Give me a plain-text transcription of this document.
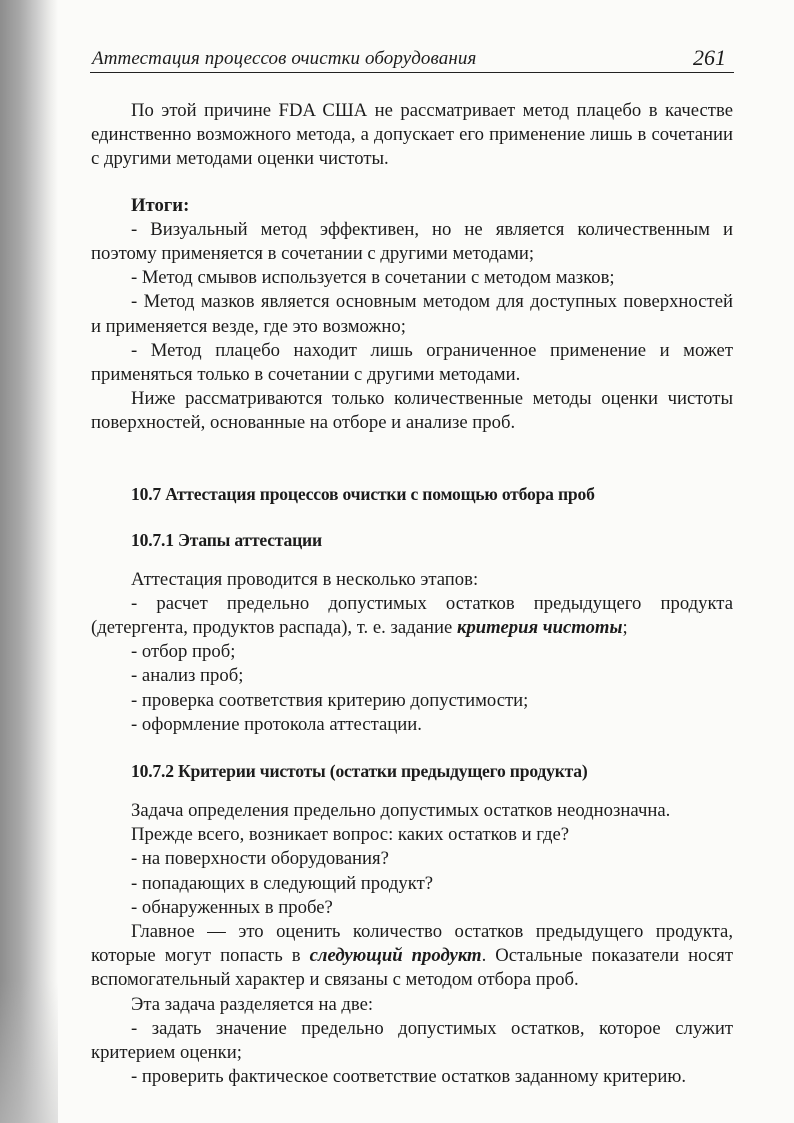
Аттестация процессов очистки оборудования	261

По этой причине FDA США не рассматривает метод плацебо в качестве единственно возможного метода, а допускает его применение лишь в сочетании с другими методами оценки чистоты.

Итоги:

- Визуальный метод эффективен, но не является количественным и поэтому применяется в сочетании с другими методами;

- Метод смывов используется в сочетании с методом мазков;

- Метод мазков является основным методом для доступных поверхностей и применяется везде, где это возможно;

- Метод плацебо находит лишь ограниченное применение и может применяться только в сочетании с другими методами.

Ниже рассматриваются только количественные методы оценки чистоты поверхностей, основанные на отборе и анализе проб.

10.7 Аттестация процессов очистки с помощью отбора проб

10.7.1 Этапы аттестации

Аттестация проводится в несколько этапов:

- расчет предельно допустимых остатков предыдущего продукта (детергента, продуктов распада), т. е. задание критерия чистоты;

- отбор проб;

- анализ проб;

- проверка соответствия критерию допустимости;

- оформление протокола аттестации.

10.7.2 Критерии чистоты (остатки предыдущего продукта)

Задача определения предельно допустимых остатков неоднозначна.

Прежде всего, возникает вопрос: каких остатков и где?

- на поверхности оборудования?

- попадающих в следующий продукт?

- обнаруженных в пробе?

Главное — это оценить количество остатков предыдущего продукта, которые могут попасть в следующий продукт. Остальные показатели носят вспомогательный характер и связаны с методом отбора проб.

Эта задача разделяется на две:

- задать значение предельно допустимых остатков, которое служит критерием оценки;

- проверить фактическое соответствие остатков заданному критерию.
